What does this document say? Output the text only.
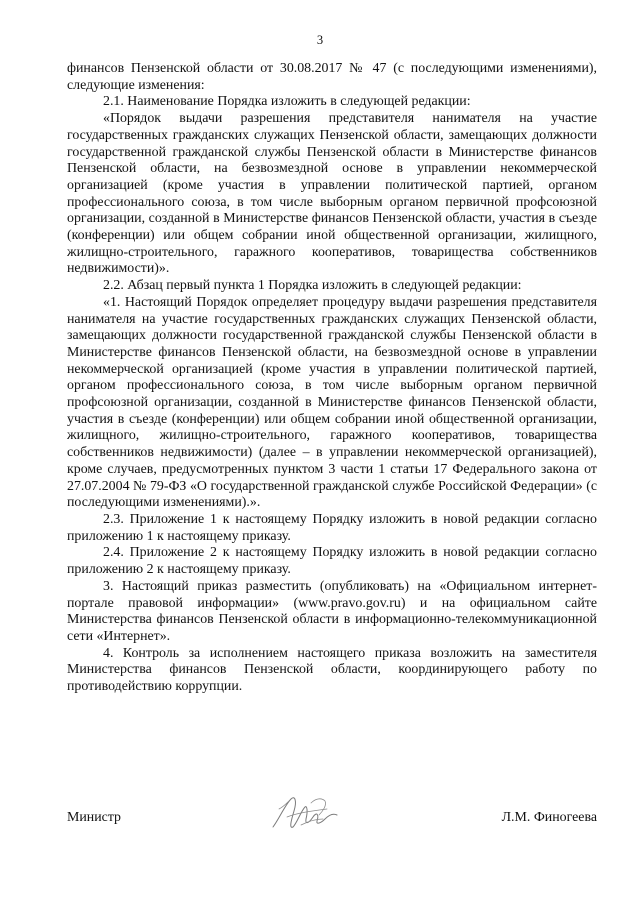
3

финансов Пензенской области от 30.08.2017 № 47 (с последующими изменениями), следующие изменения:

2.1. Наименование Порядка изложить в следующей редакции:

«Порядок выдачи разрешения представителя нанимателя на участие государственных гражданских служащих Пензенской области, замещающих должности государственной гражданской службы Пензенской области в Министерстве финансов Пензенской области, на безвозмездной основе в управлении некоммерческой организацией (кроме участия в управлении политической партией, органом профессионального союза, в том числе выборным органом первичной профсоюзной организации, созданной в Министерстве финансов Пензенской области, участия в съезде (конференции) или общем собрании иной общественной организации, жилищного, жилищно-строительного, гаражного кооперативов, товарищества собственников недвижимости)».

2.2. Абзац первый пункта 1 Порядка изложить в следующей редакции:

«1. Настоящий Порядок определяет процедуру выдачи разрешения представителя нанимателя на участие государственных гражданских служащих Пензенской области, замещающих должности государственной гражданской службы Пензенской области в Министерстве финансов Пензенской области, на безвозмездной основе в управлении некоммерческой организацией (кроме участия в управлении политической партией, органом профессионального союза, в том числе выборным органом первичной профсоюзной организации, созданной в Министерстве финансов Пензенской области, участия в съезде (конференции) или общем собрании иной общественной организации, жилищного, жилищно-строительного, гаражного кооперативов, товарищества собственников недвижимости) (далее – в управлении некоммерческой организацией), кроме случаев, предусмотренных пунктом 3 части 1 статьи 17 Федерального закона от 27.07.2004 № 79-ФЗ «О государственной гражданской службе Российской Федерации» (с последующими изменениями).».

2.3. Приложение 1 к настоящему Порядку изложить в новой редакции согласно приложению 1 к настоящему приказу.

2.4. Приложение 2 к настоящему Порядку изложить в новой редакции согласно приложению 2 к настоящему приказу.

3. Настоящий приказ разместить (опубликовать) на «Официальном интернет-портале правовой информации» (www.pravo.gov.ru) и на официальном сайте Министерства финансов Пензенской области в информационно-телекоммуникационной сети «Интернет».

4. Контроль за исполнением настоящего приказа возложить на заместителя Министерства финансов Пензенской области, координирующего работу по противодействию коррупции.

Министр	Л.М. Финогеева
